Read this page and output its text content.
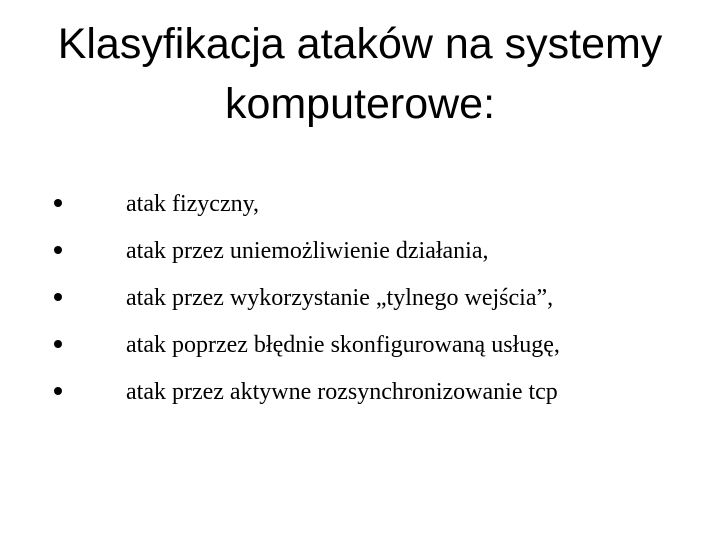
Klasyfikacja ataków na systemy
komputerowe:
atak fizyczny,
atak przez uniemożliwienie działania,
atak przez wykorzystanie „tylnego wejścia”,
atak poprzez błędnie skonfigurowaną usługę,
atak przez aktywne rozsynchronizowanie tcp
